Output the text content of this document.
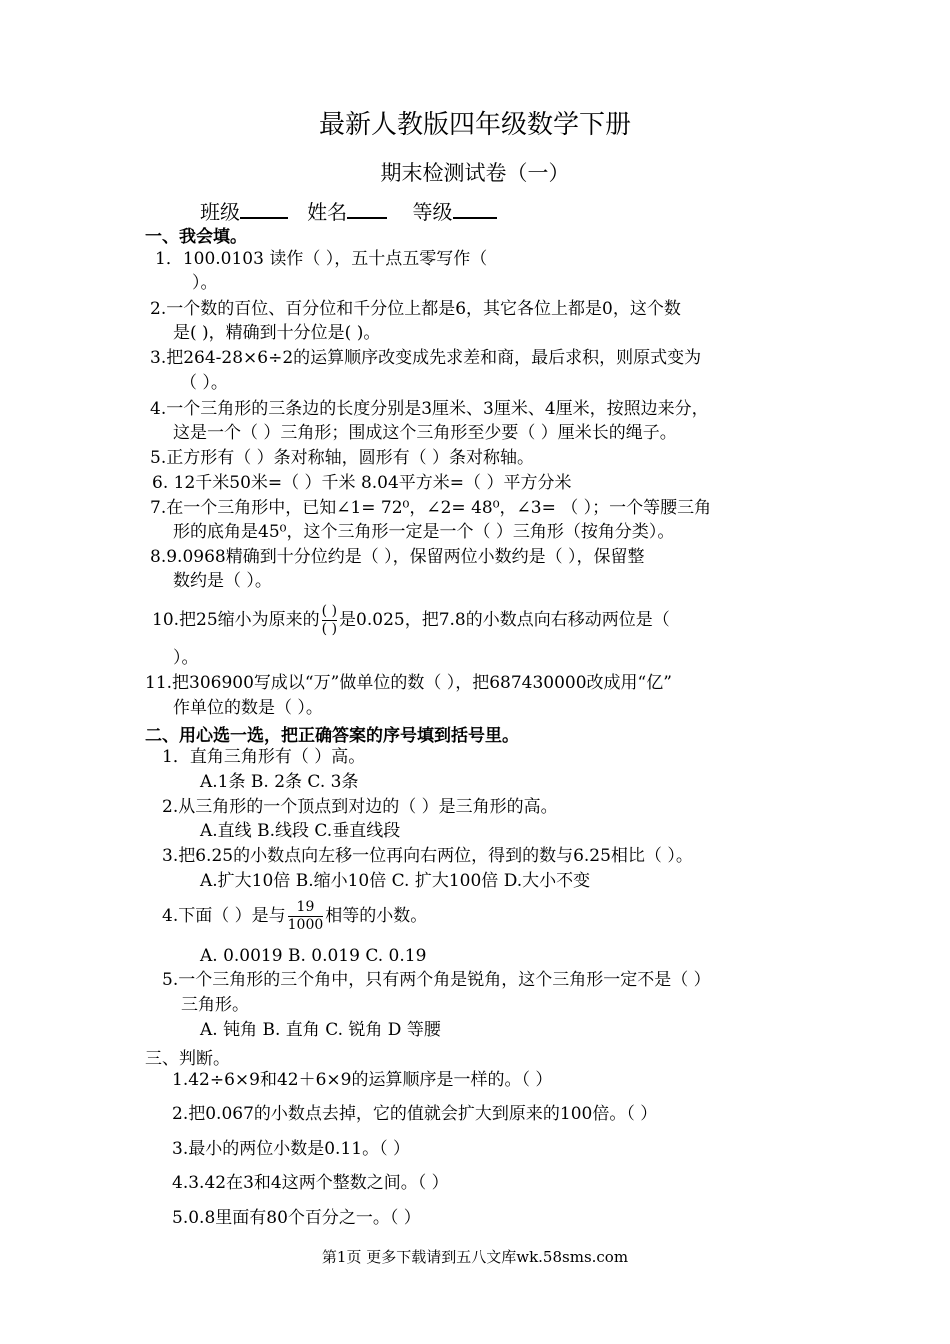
最新人教版四年级数学下册
期末检测试卷（一）
班级	姓名	等级
一、我会填。
1．100.0103 读作（ ），五十点五零写作（
）。
2.一个数的百位、百分位和千分位上都是6，其它各位上都是0，这个数
是( )，精确到十分位是( )。
3.把264-28×6÷2的运算顺序改变成先求差和商，最后求积，则原式变为
（ ）。
4.一个三角形的三条边的长度分别是3厘米、3厘米、4厘米，按照边来分，
这是一个（ ）三角形；围成这个三角形至少要（ ）厘米长的绳子。
5.正方形有（ ）条对称轴，圆形有（ ）条对称轴。
6. 12千米50米=（ ）千米 8.04平方米=（ ）平方分米
7.在一个三角形中，已知∠1= 72⁰，∠2= 48⁰，∠3= （ ）；一个等腰三角
形的底角是45⁰，这个三角形一定是一个（ ）三角形（按角分类）。
8.9.0968精确到十分位约是（ ），保留两位小数约是（ ），保留整
数约是（ ）。
10.把25缩小为原来的 $\frac{( )}{( )}$ 是0.025，把7.8的小数点向右移动两位是（
）。
11.把306900写成以“万”做单位的数（ ），把687430000改成用“亿”
作单位的数是（ ）。
二、用心选一选，把正确答案的序号填到括号里。
1．直角三角形有（ ）高。
A.1条 B. 2条 C. 3条
2.从三角形的一个顶点到对边的（ ）是三角形的高。
A.直线 B.线段 C.垂直线段
3.把6.25的小数点向左移一位再向右两位，得到的数与6.25相比（ ）。
A.扩大10倍 B.缩小10倍 C. 扩大100倍 D.大小不变
4.下面（ ）是与 $\frac{19}{1000}$ 相等的小数。
A. 0.0019 B. 0.019 C. 0.19
5.一个三角形的三个角中，只有两个角是锐角，这个三角形一定不是（ ）
三角形。
A. 钝角 B. 直角 C. 锐角 D 等腰
三、判断。
1.42÷6×9和42＋6×9的运算顺序是一样的。（ ）
2.把0.067的小数点去掉，它的值就会扩大到原来的100倍。（ ）
3.最小的两位小数是0.11。（ ）
4.3.42在3和4这两个整数之间。（ ）
5.0.8里面有80个百分之一。（ ）
第1页 更多下载请到五八文库wk.58sms.com
